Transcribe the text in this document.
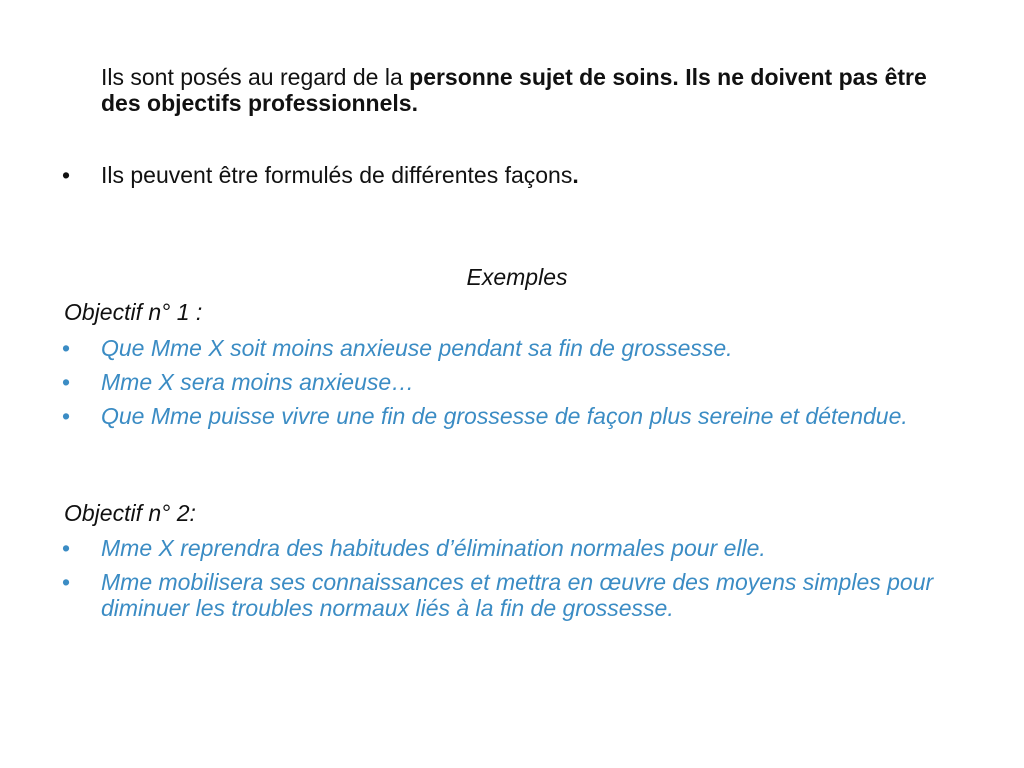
Ils sont posés au regard de la personne sujet de soins. Ils ne doivent pas être des objectifs professionnels.
• Ils peuvent être formulés de différentes façons.
Exemples
Objectif n° 1 :
• Que Mme X soit moins anxieuse pendant sa fin de grossesse.
• Mme X sera moins anxieuse…
• Que Mme puisse vivre une fin de grossesse de façon plus sereine et détendue.
Objectif n° 2:
• Mme X reprendra des habitudes d’élimination normales pour elle.
• Mme mobilisera ses connaissances et mettra en œuvre des moyens simples pour diminuer les troubles normaux liés à la fin de grossesse.
